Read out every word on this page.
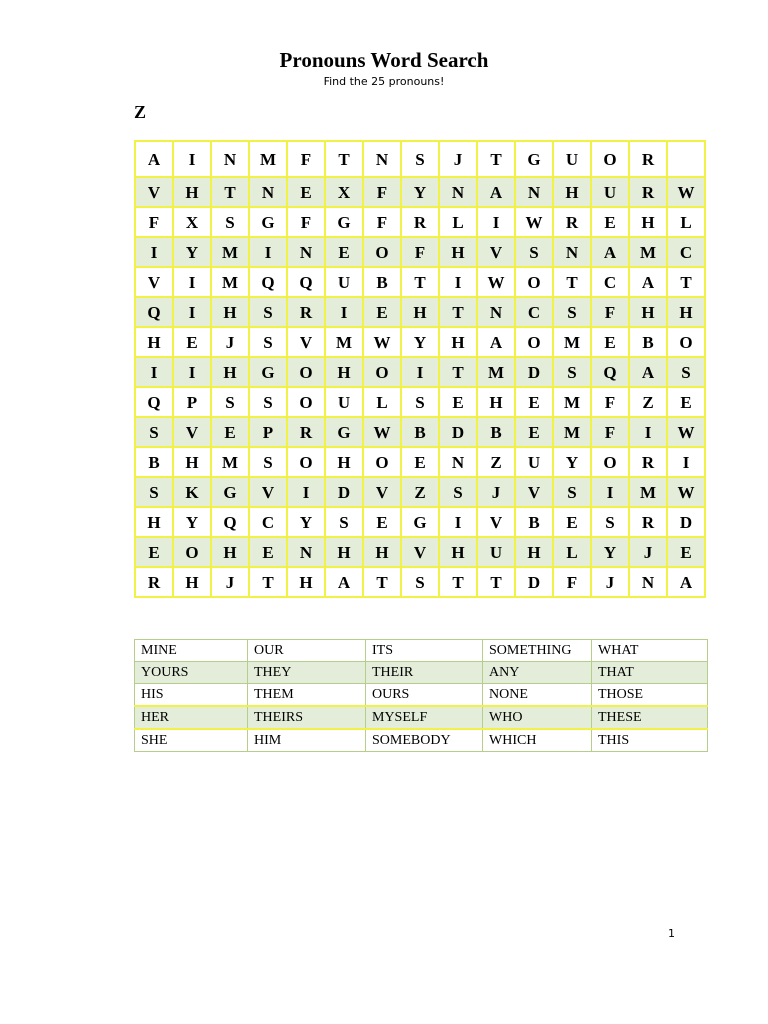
Pronouns Word Search
Find the 25 pronouns!
Z
A	I	N	M	F	T	N	S	J	T	G	U	O	R	
V	H	T	N	E	X	F	Y	N	A	N	H	U	R	W
F	X	S	G	F	G	F	R	L	I	W	R	E	H	L
I	Y	M	I	N	E	O	F	H	V	S	N	A	M	C
V	I	M	Q	Q	U	B	T	I	W	O	T	C	A	T
Q	I	H	S	R	I	E	H	T	N	C	S	F	H	H
H	E	J	S	V	M	W	Y	H	A	O	M	E	B	O
I	I	H	G	O	H	O	I	T	M	D	S	Q	A	S
Q	P	S	S	O	U	L	S	E	H	E	M	F	Z	E
S	V	E	P	R	G	W	B	D	B	E	M	F	I	W
B	H	M	S	O	H	O	E	N	Z	U	Y	O	R	I
S	K	G	V	I	D	V	Z	S	J	V	S	I	M	W
H	Y	Q	C	Y	S	E	G	I	V	B	E	S	R	D
E	O	H	E	N	H	H	V	H	U	H	L	Y	J	E
R	H	J	T	H	A	T	S	T	T	D	F	J	N	A
MINE	OUR	ITS	SOMETHING	WHAT
YOURS	THEY	THEIR	ANY	THAT
HIS	THEM	OURS	NONE	THOSE
HER	THEIRS	MYSELF	WHO	THESE
SHE	HIM	SOMEBODY	WHICH	THIS
1
